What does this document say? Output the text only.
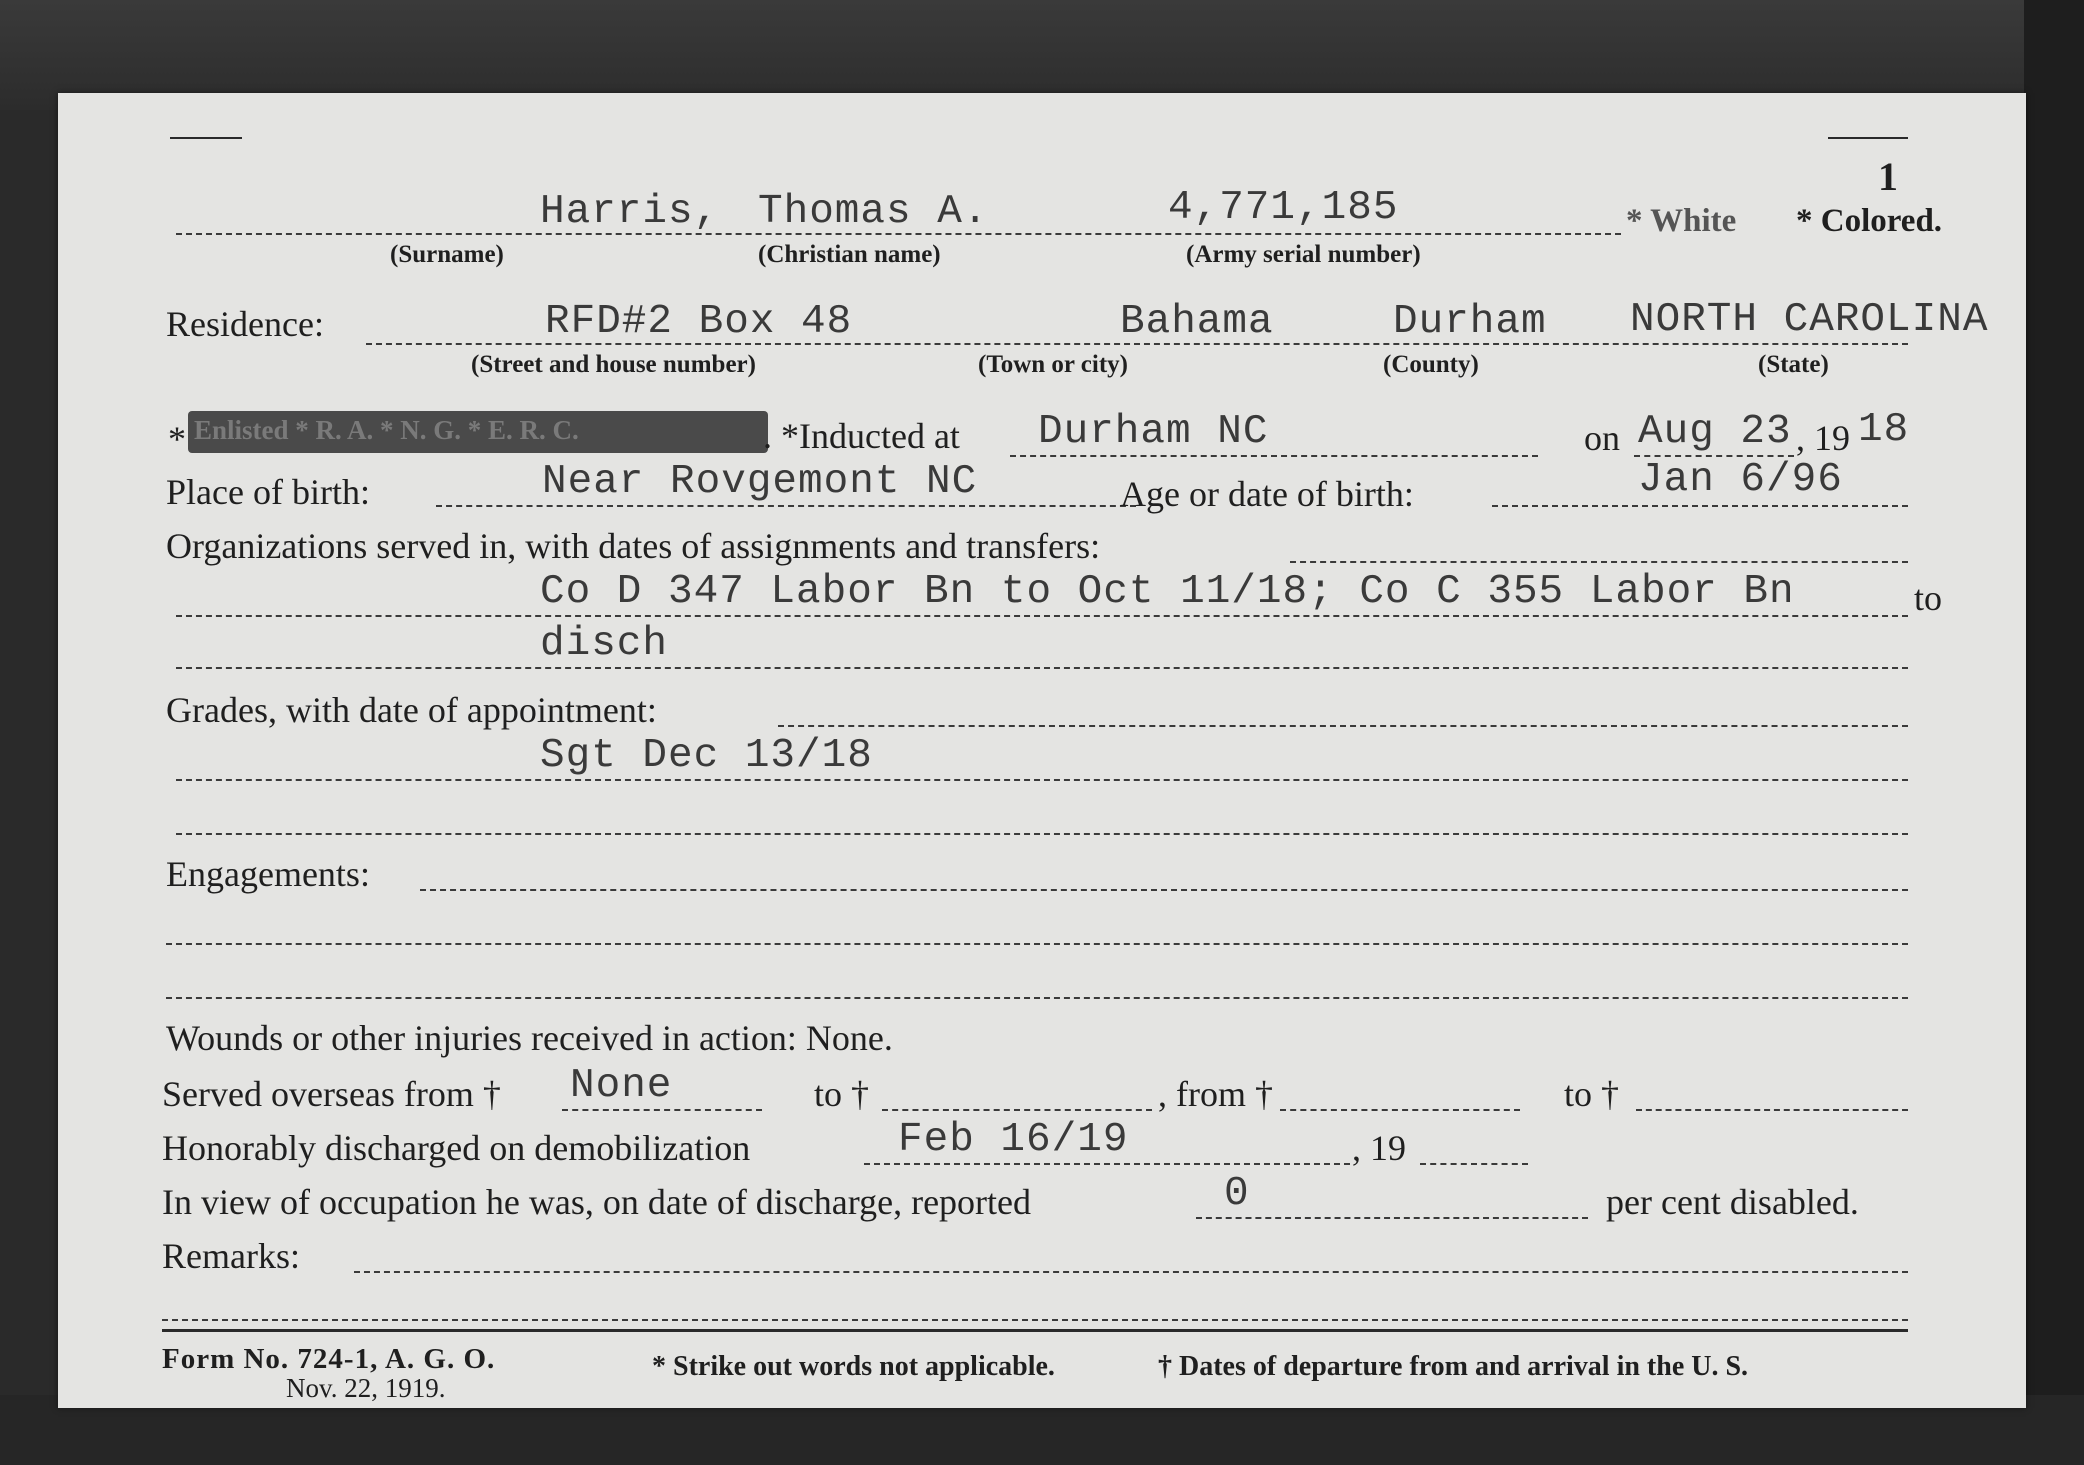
1
Harris, Thomas A.	4,771,185	* White * Colored.
(Surname)	(Christian name)	(Army serial number)
Residence:	RFD#2 Box 48	Bahama	Durham NORTH CAROLINA
(Street and house number)	(Town or city)	(County)	(State)
* Enlisted * R. A. * N. G. * E. R. C.	. *Inducted at Durham NC	on Aug 23 , 19 18
Place of birth:	Near Rovgemont NC	Age or date of birth:	Jan 6/96
Organizations served in, with dates of assignments and transfers:
Co D 347 Labor Bn to Oct 11/18; Co C 355 Labor Bn	to
disch
Grades, with date of appointment:
Sgt Dec 13/18
Engagements:
Wounds or other injuries received in action: None.
Served overseas from † None	to †	, from †	to †
Honorably discharged on demobilization	Feb 16/19	, 19
In view of occupation he was, on date of discharge, reported	0	per cent disabled.
Remarks:
Form No. 724-1, A. G. O.
Nov. 22, 1919.
* Strike out words not applicable.	† Dates of departure from and arrival in the U. S.
